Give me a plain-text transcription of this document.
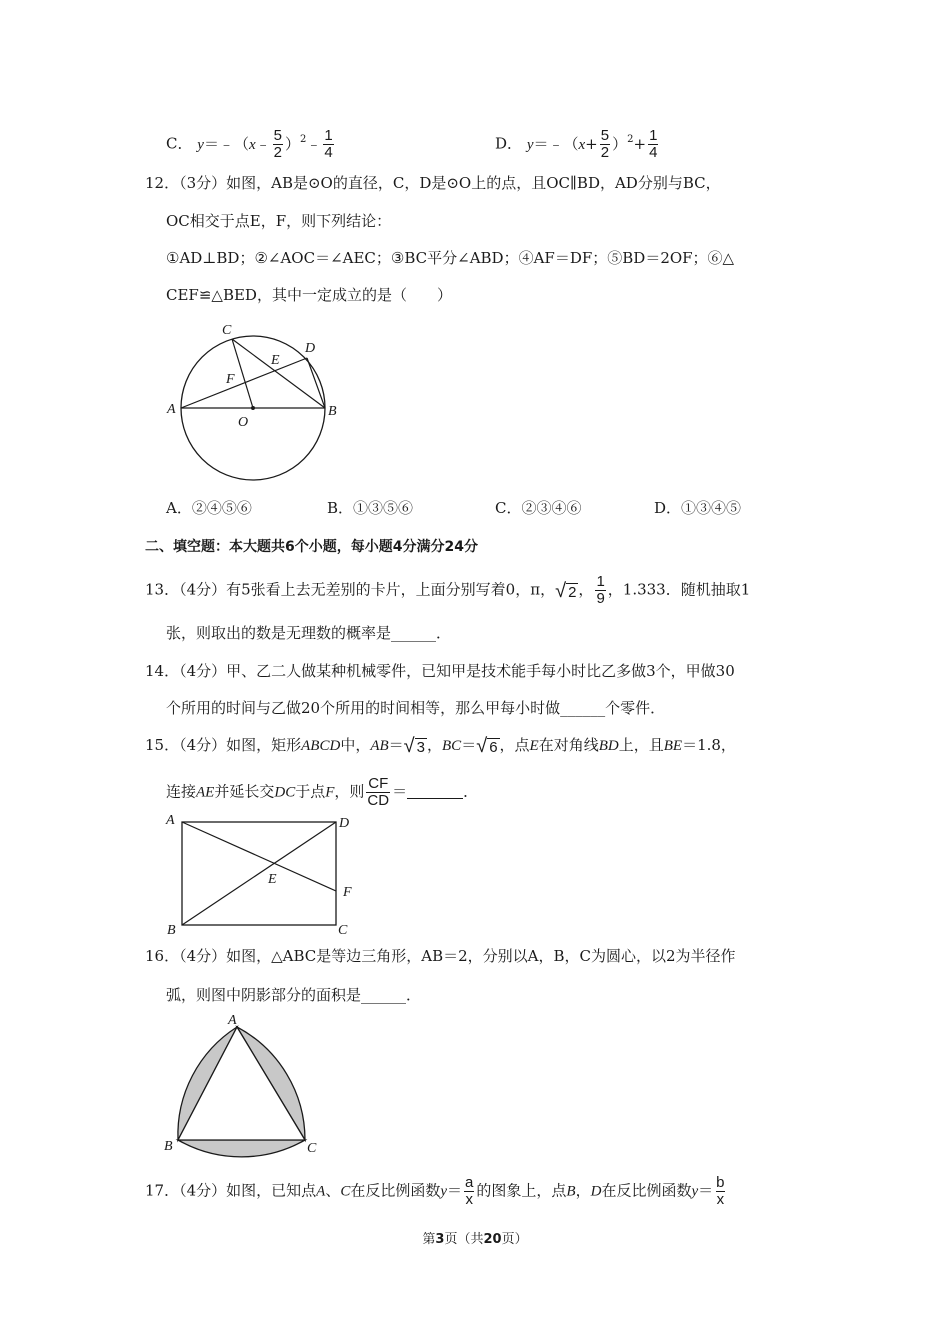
C． y＝﹣（x﹣ $\frac{5}{2}$ ）$^2$﹣ $\frac{1}{4}$	D． y＝﹣（x+ $\frac{5}{2} )^2+ \frac{1}{4}$
12．（3分）如图，AB是⊙O的直径，C，D是⊙O上的点，且OC∥BD，AD分别与BC，
OC相交于点E，F，则下列结论：
①AD⊥BD；②∠AOC＝∠AEC；③BC平分∠ABD；④AF＝DF；⑤BD＝2OF；⑥△
CEF≌△BED，其中一定成立的是（　　）
C
D
E
F
A
O
B
A．②④⑤⑥	B．①③⑤⑥	C．②③④⑥	D．①③④⑤
二、填空题：本大题共6个小题，每小题4分满分24分
13．（4分）有5张看上去无差别的卡片，上面分别写着0，π， √ 2 ， $\frac{1}{9}$ ，1.333．随机抽取1
张，则取出的数是无理数的概率是______．
14．（4分）甲、乙二人做某种机械零件，已知甲是技术能手每小时比乙多做3个，甲做30
个所用的时间与乙做20个所用的时间相等，那么甲每小时做______个零件．
15．（4分）如图，矩形ABCD中，AB＝ √ 3 ，BC＝ √ 6 ，点E在对角线BD上，且BE＝1.8，
连接AE并延长交DC于点F，则 $\frac{CF}{CD}$ ＝	．
A	D
E
F
B	C
16．（4分）如图，△ABC是等边三角形，AB＝2，分别以A，B，C为圆心，以2为半径作
弧，则图中阴影部分的面积是______．
A
B	C
17．（4分）如图，已知点A、C在反比例函数$y= \frac{a}{x}$ 的图象上，点B，D在反比例函数$y= \frac{b}{x}$
第3页（共20页）
